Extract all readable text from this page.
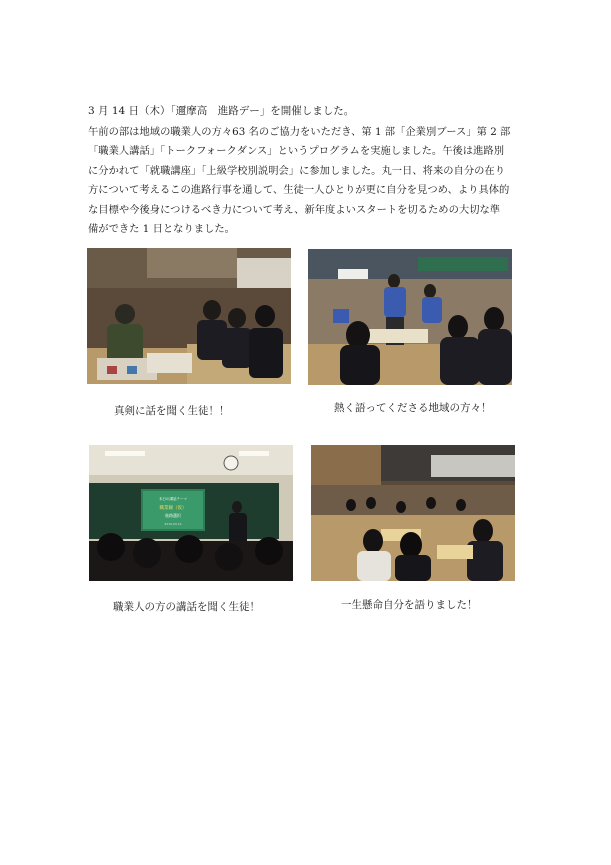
3 月 14 日（木）「邇摩高　進路デー」を開催しました。
午前の部は地域の職業人の方々63 名のご協力をいただき、第 1 部「企業別ブース」第 2 部
「職業人講話」「トークフォークダンス」というプログラムを実施しました。午後は進路別
に分かれて「就職講座」「上級学校別説明会」に参加しました。丸一日、将来の自分の在り
方について考えるこの進路行事を通して、生徒一人ひとりが更に自分を見つめ、より具体的
な目標や今後身につけるべき力について考え、新年度よいスタートを切るための大切な準
備ができた 1 日となりました。
本日の講話テーマ
職業観（仮）
進路選択
2019.03.14
真剣に話を聞く生徒！！	熱く語ってくださる地域の方々！
職業人の方の講話を聞く生徒！	一生懸命自分を語りました！
